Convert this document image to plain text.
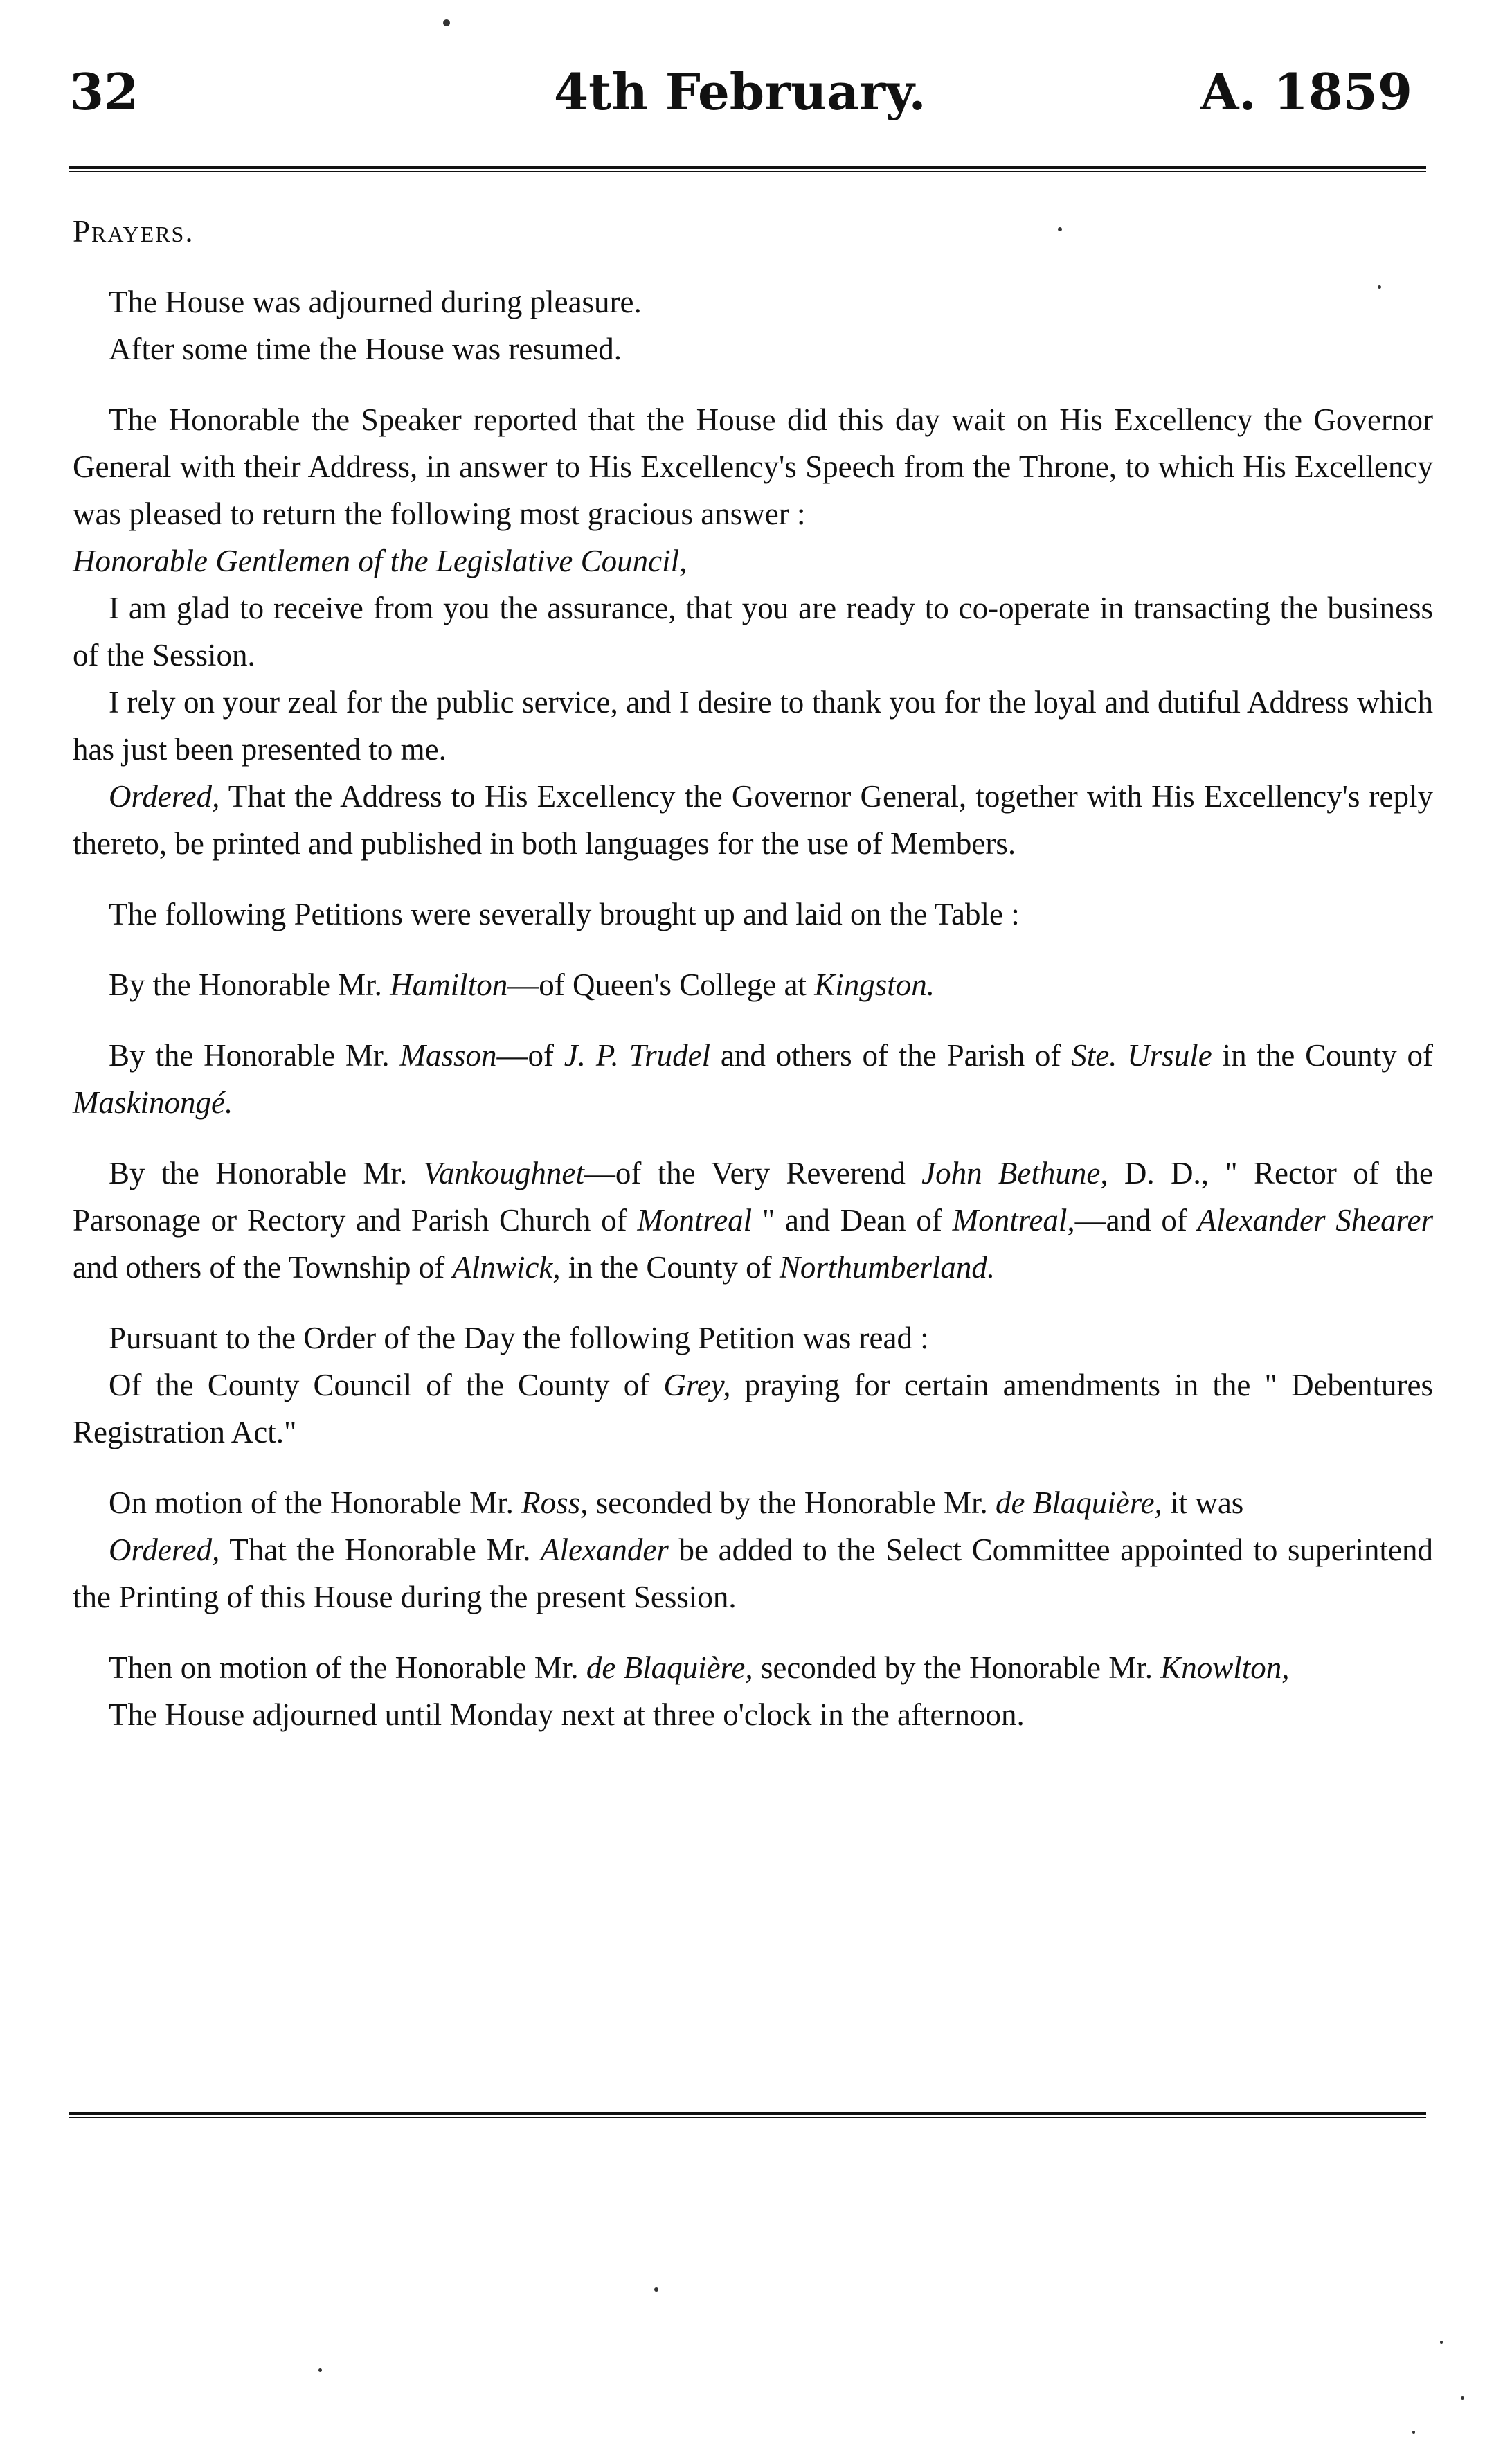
32	4th February.	A. 1859

Prayers.

The House was adjourned during pleasure.

After some time the House was resumed.

The Honorable the Speaker reported that the House did this day wait on His Excellency the Governor General with their Address, in answer to His Excellency's Speech from the Throne, to which His Excellency was pleased to return the following most gracious answer :

Honorable Gentlemen of the Legislative Council,

I am glad to receive from you the assurance, that you are ready to co-operate in transacting the business of the Session.

I rely on your zeal for the public service, and I desire to thank you for the loyal and dutiful Address which has just been presented to me.

Ordered, That the Address to His Excellency the Governor General, together with His Excellency's reply thereto, be printed and published in both languages for the use of Members.

The following Petitions were severally brought up and laid on the Table :

By the Honorable Mr. Hamilton—of Queen's College at Kingston.

By the Honorable Mr. Masson—of J. P. Trudel and others of the Parish of Ste. Ursule in the County of Maskinongé.

By the Honorable Mr. Vankoughnet—of the Very Reverend John Bethune, D. D., " Rector of the Parsonage or Rectory and Parish Church of Montreal " and Dean of Montreal,—and of Alexander Shearer and others of the Township of Alnwick, in the County of Northumberland.

Pursuant to the Order of the Day the following Petition was read :

Of the County Council of the County of Grey, praying for certain amendments in the " Debentures Registration Act."

On motion of the Honorable Mr. Ross, seconded by the Honorable Mr. de Blaquière, it was

Ordered, That the Honorable Mr. Alexander be added to the Select Committee appointed to superintend the Printing of this House during the present Session.

Then on motion of the Honorable Mr. de Blaquière, seconded by the Honorable Mr. Knowlton,

The House adjourned until Monday next at three o'clock in the afternoon.
